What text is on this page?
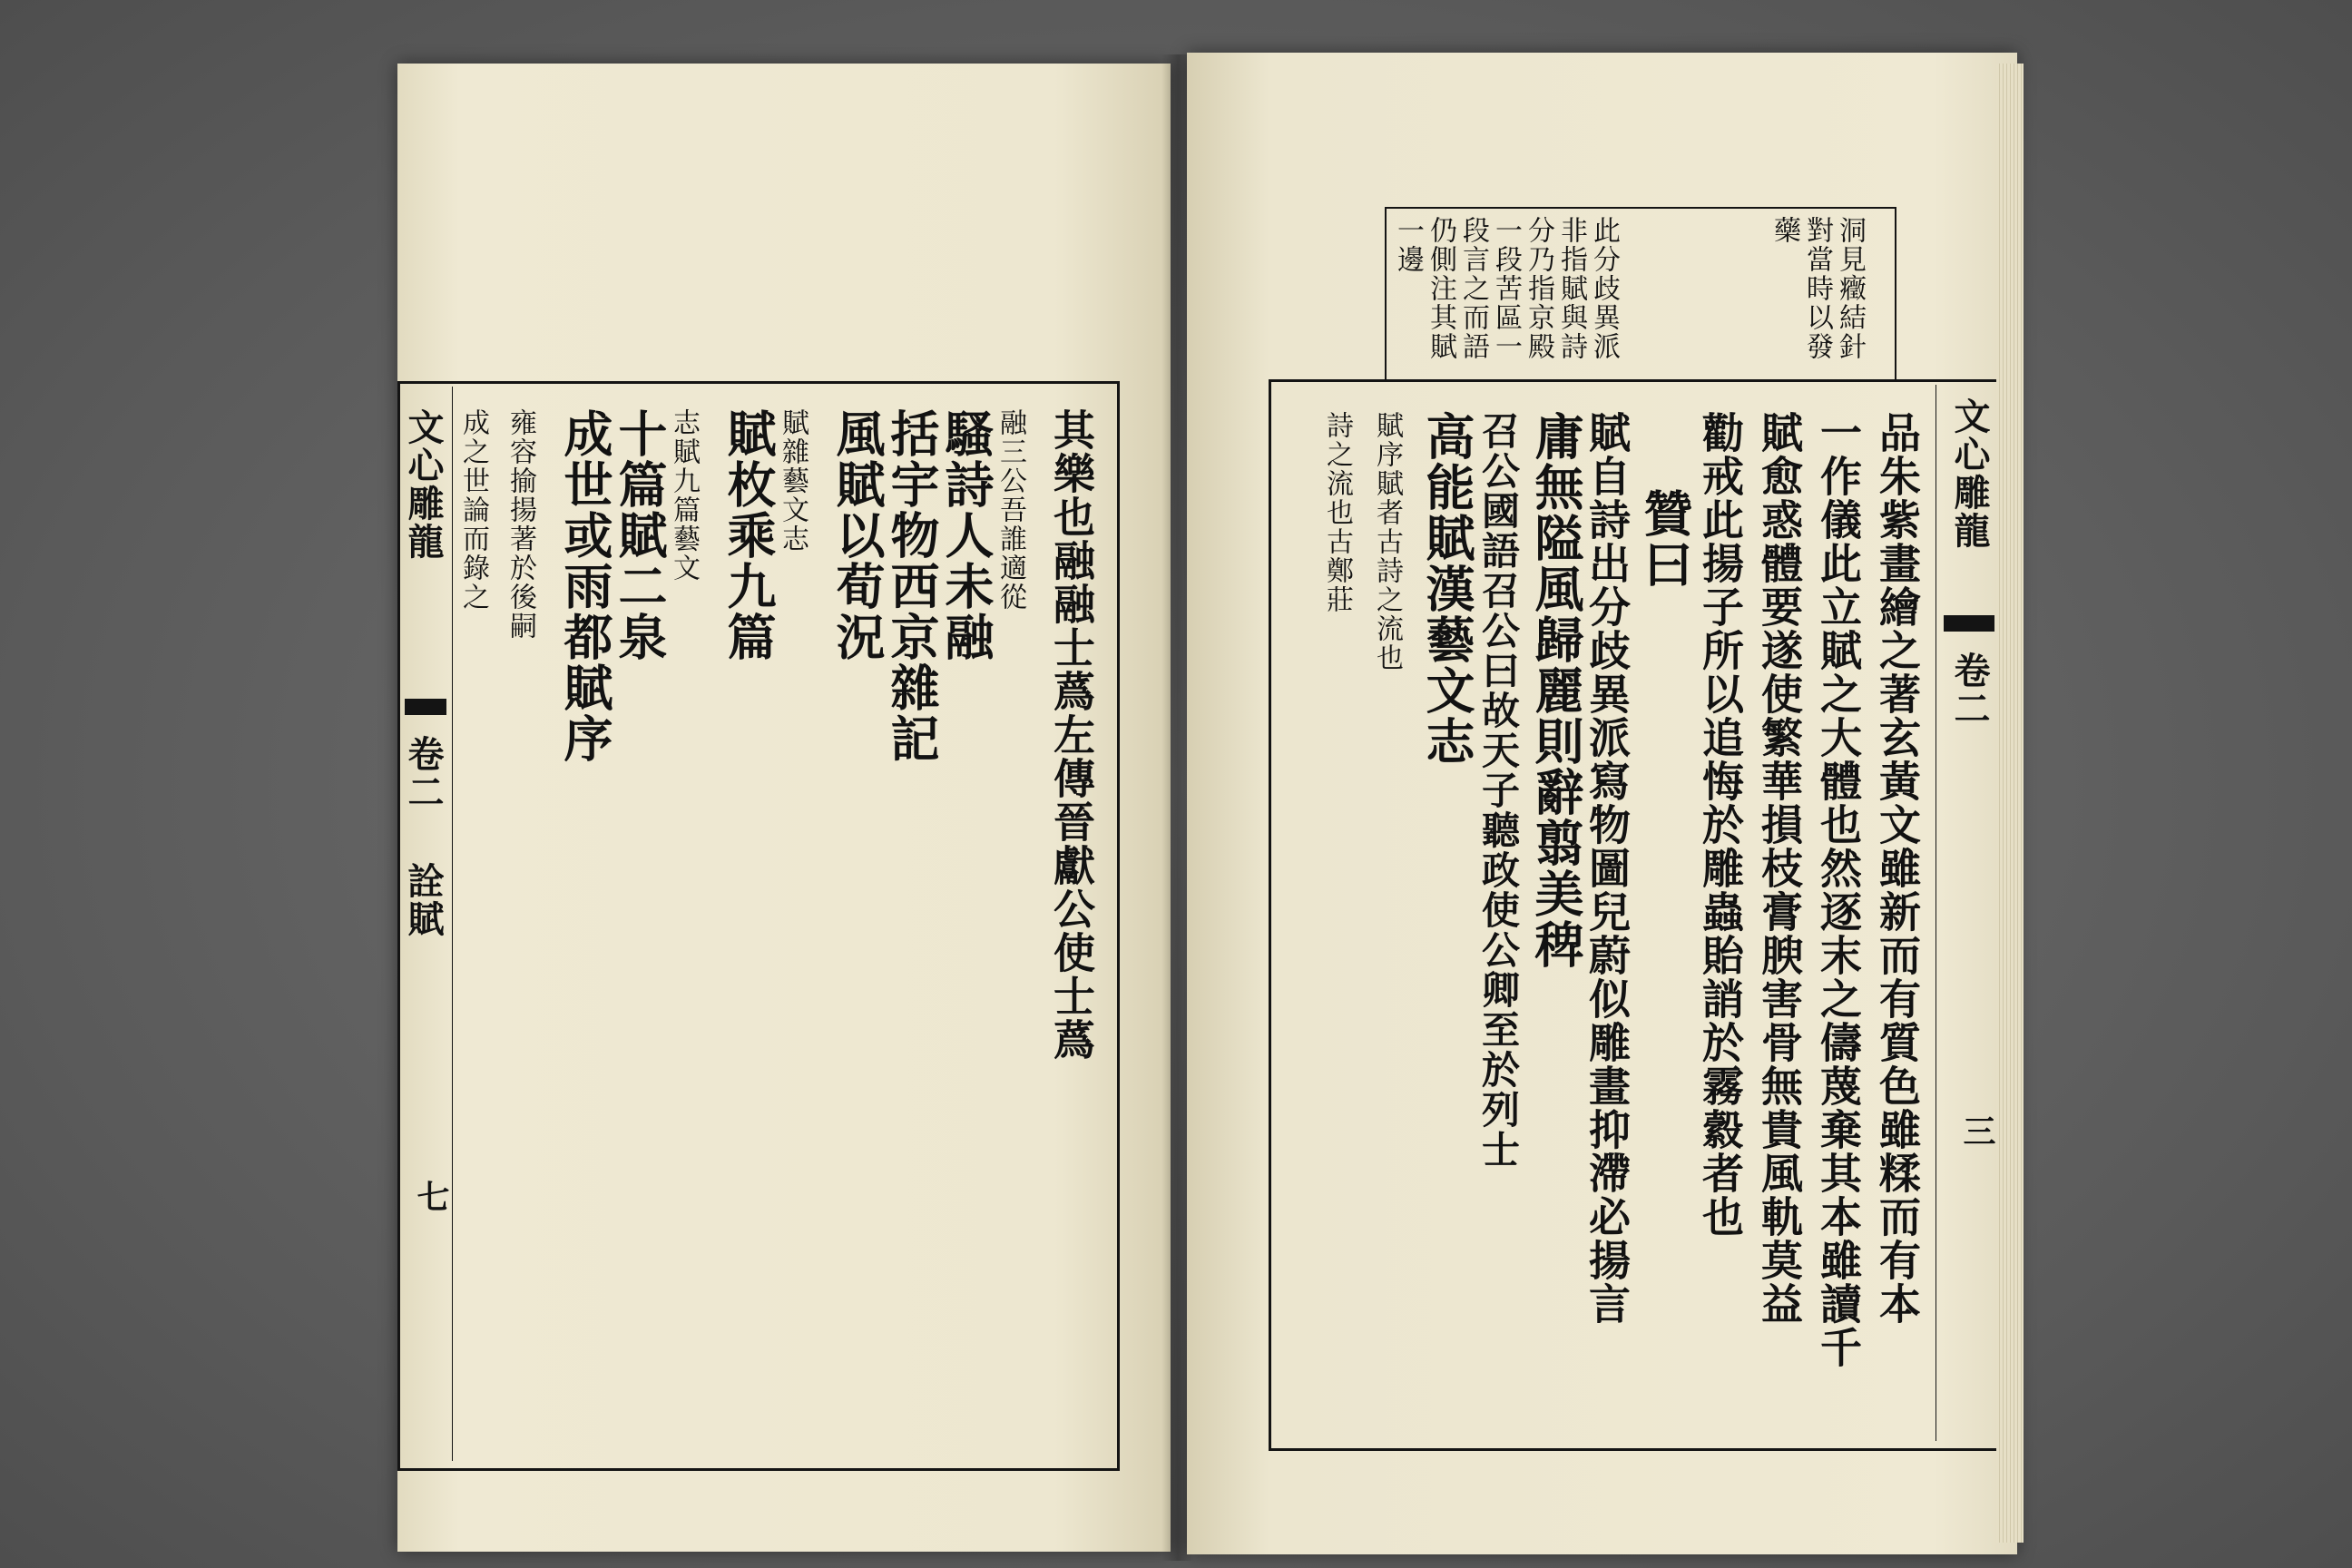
文心雕龍
卷二
詮賦
七
其樂也融融士蔿左傳晉獻公使士蔿
融三公吾誰適從
騷詩人未融
括宇物西京雜記
風賦以荀況
賦雜藝文志
賦枚乘九篇
志賦九篇藝文
十篇賦二泉
成世或雨都賦序
雍容揄揚著於後嗣
成之世論而錄之	文心雕龍
卷二
三
洞見癥結針對當時以發藥
此分歧異派非指賦與詩分乃指京殿一段苦區一段言之而語仍側注其賦一邊
品朱紫畫繪之著玄黃文雖新而有質色雖糅而有本
一作儀此立賦之大體也然逐末之儔蔑棄其本雖讀千
賦愈惑體要遂使繁華損枝膏腴害骨無貴風軌莫益
勸戒此揚子所以追悔於雕蟲貽誚於霧縠者也
贊曰
賦自詩出分歧異派寫物圖兒蔚似雕畫抑滯必揚言
庸無隘風歸麗則辭翦美稗
召公國語召公曰故天子聽政使公卿至於列士
高能賦漢藝文志
賦序賦者古詩之流也
詩之流也古鄭莊
